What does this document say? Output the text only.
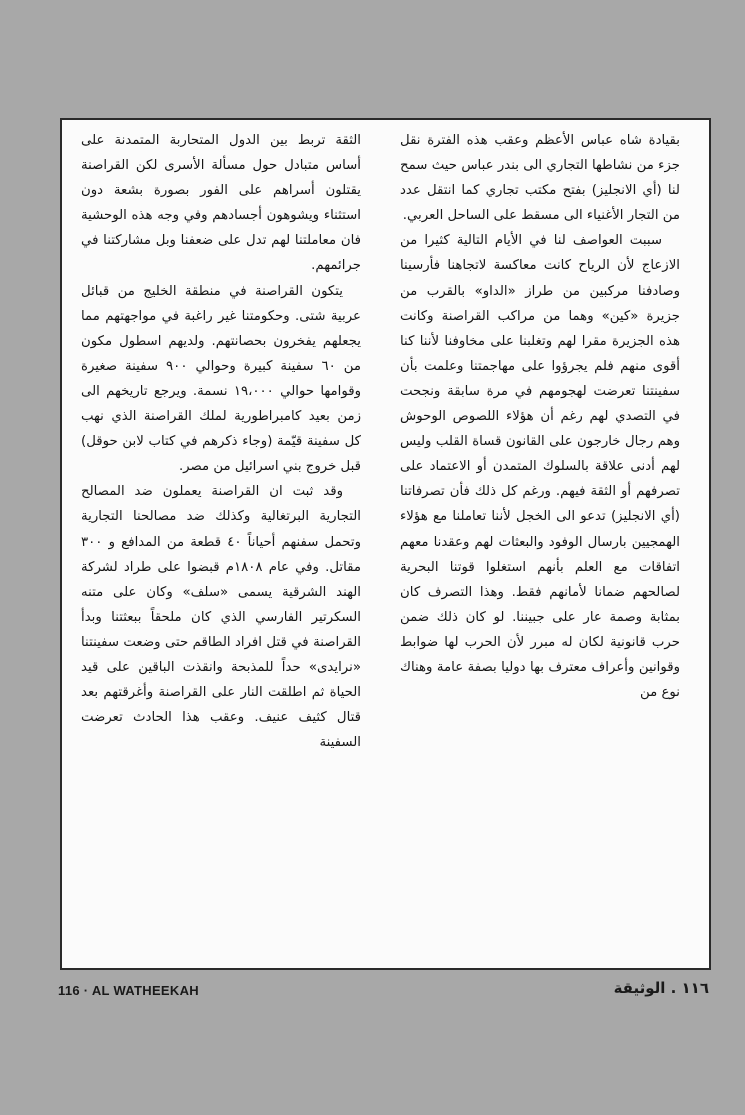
بقيادة شاه عباس الأعظم وعقب هذه الفترة نقل جزء من نشاطها التجاري الى بندر عباس حيث سمح لنا (أي الانجليز) بفتح مكتب تجاري كما انتقل عدد من التجار الأغنياء الى مسقط على الساحل العربي.

سببت العواصف لنا في الأيام التالية كثيرا من الازعاج لأن الرياح كانت معاكسة لاتجاهنا فأرسينا وصادفنا مركبين من طراز «الداو» بالقرب من جزيرة «كين» وهما من مراكب القراصنة وكانت هذه الجزيرة مقرا لهم وتغلبنا على مخاوفنا لأننا كنا أقوى منهم فلم يجرؤوا على مهاجمتنا وعلمت بأن سفينتنا تعرضت لهجومهم في مرة سابقة ونجحت في التصدي لهم رغم أن هؤلاء اللصوص الوحوش وهم رجال خارجون على القانون قساة القلب وليس لهم أدنى علاقة بالسلوك المتمدن أو الاعتماد على تصرفهم أو الثقة فيهم. ورغم كل ذلك فأن تصرفاتنا (أي الانجليز) تدعو الى الخجل لأننا تعاملنا مع هؤلاء الهمجيين بارسال الوفود والبعثات لهم وعقدنا معهم اتفاقات مع العلم بأنهم استغلوا قوتنا البحرية لصالحهم ضمانا لأمانهم فقط. وهذا التصرف كان بمثابة وصمة عار على جبيننا. لو كان ذلك ضمن حرب قانونية لكان له مبرر لأن الحرب لها ضوابط وقوانين وأعراف معترف بها دوليا بصفة عامة وهناك نوع من

الثقة تربط بين الدول المتحاربة المتمدنة على أساس متبادل حول مسألة الأسرى لكن القراصنة يقتلون أسراهم على الفور بصورة بشعة دون استثناء ويشوهون أجسادهم وفي وجه هذه الوحشية فان معاملتنا لهم تدل على ضعفنا وبل مشاركتنا في جرائمهم.

يتكون القراصنة في منطقة الخليج من قبائل عربية شتى. وحكومتنا غير راغبة في مواجهتهم مما يجعلهم يفخرون بحصانتهم. ولديهم اسطول مكون من ٦٠ سفينة كبيرة وحوالي ٩٠٠ سفينة صغيرة وقوامها حوالي ١٩،٠٠٠ نسمة. ويرجع تاريخهم الى زمن بعيد كامبراطورية لملك القراصنة الذي نهب كل سفينة قيّمة (وجاء ذكرهم في كتاب لابن حوقل) قبل خروج بني اسرائيل من مصر.

وقد ثبت ان القراصنة يعملون ضد المصالح التجارية البرتغالية وكذلك ضد مصالحنا التجارية وتحمل سفنهم أحياناً ٤٠ قطعة من المدافع و ٣٠٠ مقاتل. وفي عام ١٨٠٨م قبضوا على طراد لشركة الهند الشرقية يسمى «سلف» وكان على متنه السكرتير الفارسي الذي كان ملحقاً ببعثتنا وبدأ القراصنة في قتل افراد الطاقم حتى وضعت سفينتنا «نرايدى» حداً للمذبحة وانقذت الباقين على قيد الحياة ثم اطلقت النار على القراصنة وأغرقتهم بعد قتال كثيف عنيف. وعقب هذا الحادث تعرضت السفينة

116 · AL WATHEEKAH	١١٦ . الوثيقة
